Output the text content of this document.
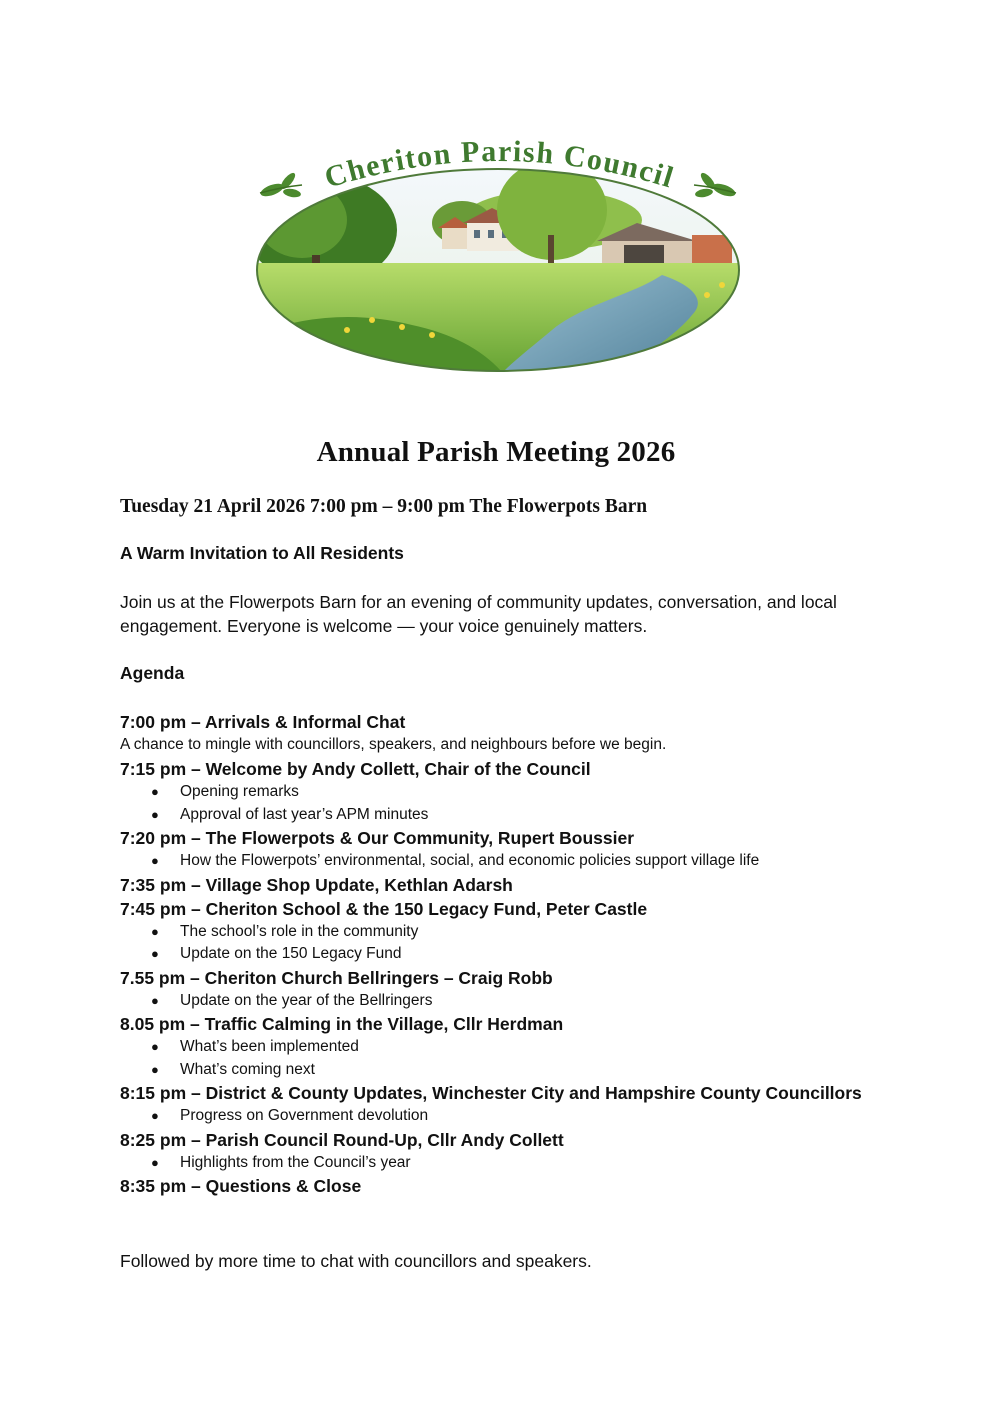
Cheriton Parish Council
Annual Parish Meeting 2026
Tuesday 21 April 2026 7:00 pm – 9:00 pm The Flowerpots Barn
A Warm Invitation to All Residents
Join us at the Flowerpots Barn for an evening of community updates, conversation, and local engagement. Everyone is welcome — your voice genuinely matters.
Agenda

7:00 pm – Arrivals & Informal Chat

A chance to mingle with councillors, speakers, and neighbours before we begin.

7:15 pm – Welcome by Andy Collett, Chair of the Council

● Opening remarks
● Approval of last year’s APM minutes

7:20 pm – The Flowerpots & Our Community, Rupert Boussier

● How the Flowerpots’ environmental, social, and economic policies support village life

7:35 pm – Village Shop Update, Kethlan Adarsh

7:45 pm – Cheriton School & the 150 Legacy Fund, Peter Castle

● The school’s role in the community
● Update on the 150 Legacy Fund

7.55 pm – Cheriton Church Bellringers – Craig Robb

● Update on the year of the Bellringers

8.05 pm – Traffic Calming in the Village, Cllr Herdman

● What’s been implemented
● What’s coming next

8:15 pm – District & County Updates, Winchester City and Hampshire County Councillors

● Progress on Government devolution

8:25 pm – Parish Council Round-Up, Cllr Andy Collett

● Highlights from the Council’s year

8:35 pm – Questions & Close

Followed by more time to chat with councillors and speakers.
